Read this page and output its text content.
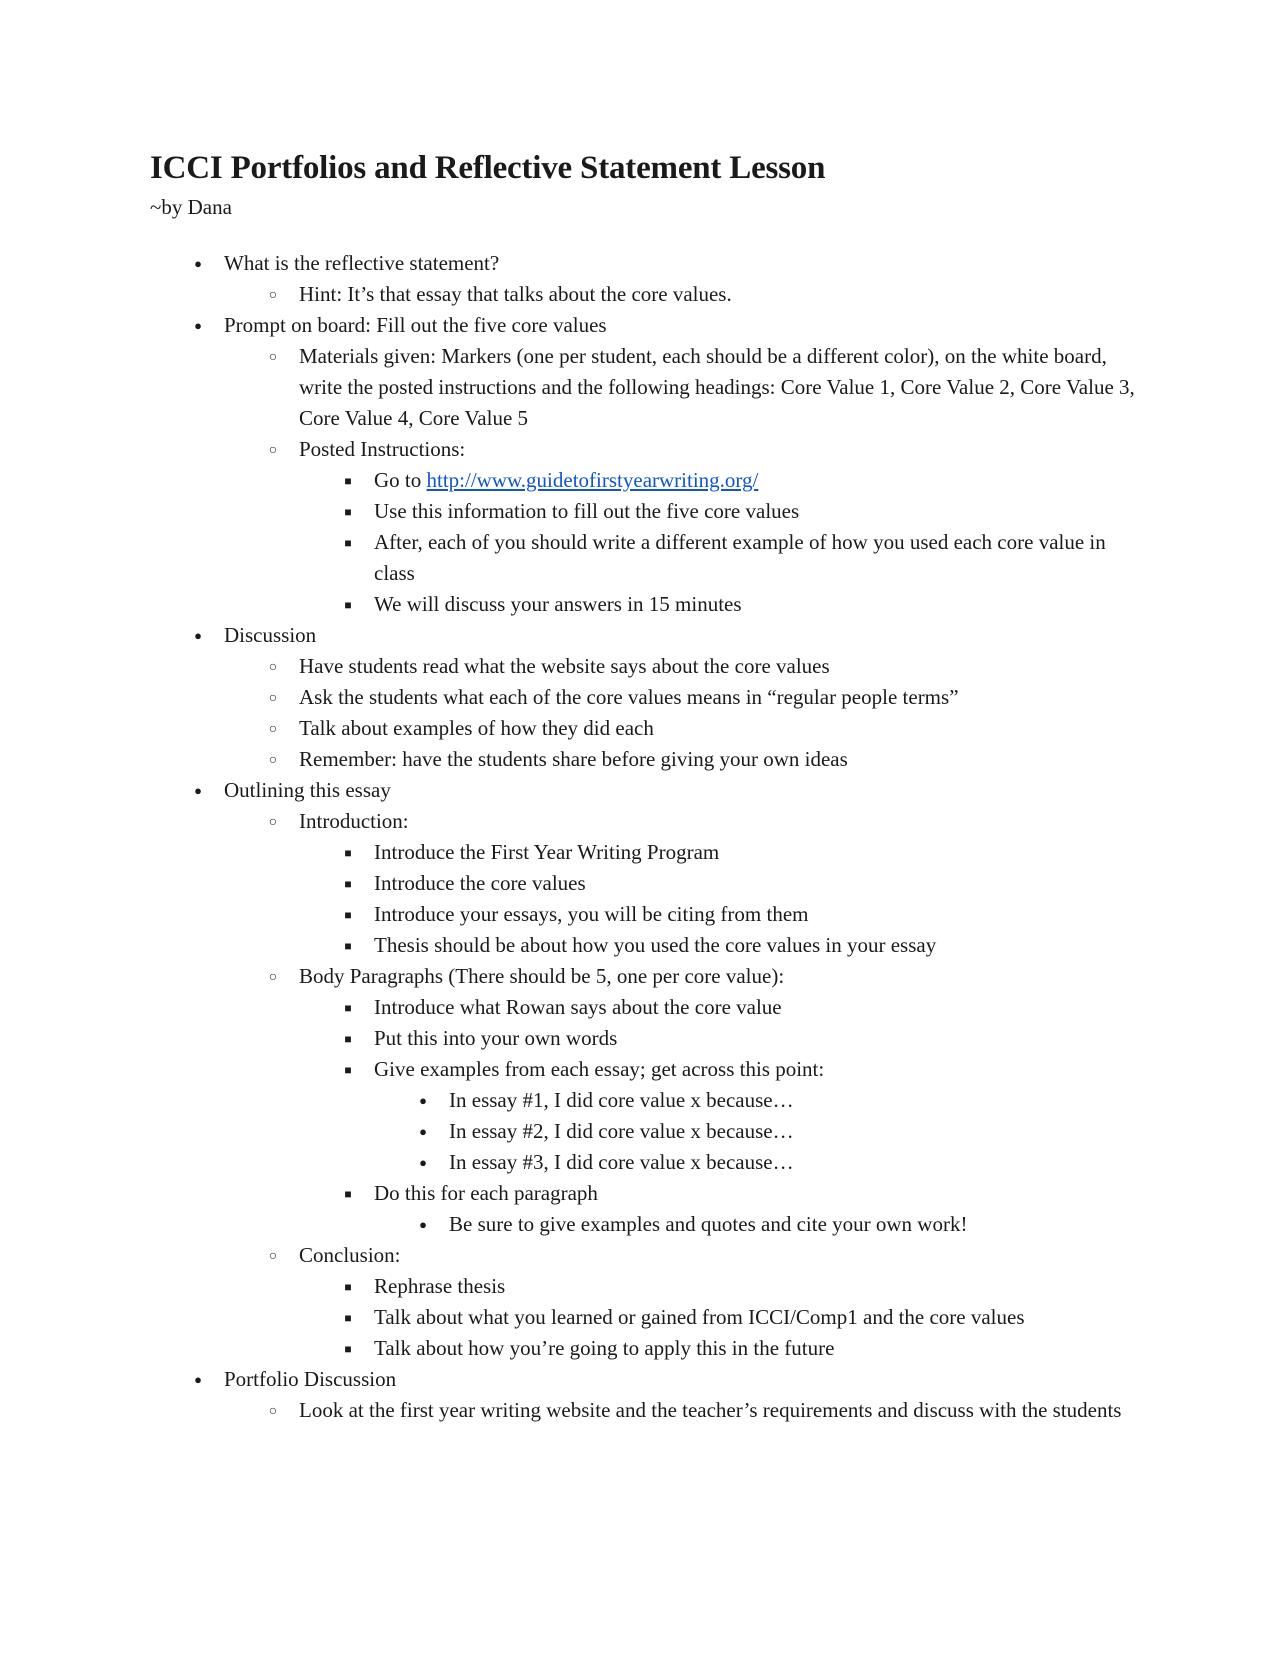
ICCI Portfolios and Reflective Statement Lesson

~by Dana

●
What is the reflective statement?
○
Hint: It’s that essay that talks about the core values.
●
Prompt on board: Fill out the five core values
○
Materials given: Markers (one per student, each should be a different color), on the white board, write the posted instructions and the following headings: Core Value 1, Core Value 2, Core Value 3, Core Value 4, Core Value 5
○
Posted Instructions:
■
Go to http://www.guidetofirstyearwriting.org/
■
Use this information to fill out the five core values
■
After, each of you should write a different example of how you used each core value in class
■
We will discuss your answers in 15 minutes
●
Discussion
○
Have students read what the website says about the core values
○
Ask the students what each of the core values means in “regular people terms”
○
Talk about examples of how they did each
○
Remember: have the students share before giving your own ideas
●
Outlining this essay
○
Introduction:
■
Introduce the First Year Writing Program
■
Introduce the core values
■
Introduce your essays, you will be citing from them
■
Thesis should be about how you used the core values in your essay
○
Body Paragraphs (There should be 5, one per core value):
■
Introduce what Rowan says about the core value
■
Put this into your own words
■
Give examples from each essay; get across this point:
●
In essay #1, I did core value x because…
●
In essay #2, I did core value x because…
●
In essay #3, I did core value x because…
■
Do this for each paragraph
●
Be sure to give examples and quotes and cite your own work!
○
Conclusion:
■
Rephrase thesis
■
Talk about what you learned or gained from ICCI/Comp1 and the core values
■
Talk about how you’re going to apply this in the future
●
Portfolio Discussion
○
Look at the first year writing website and the teacher’s requirements and discuss with the students
